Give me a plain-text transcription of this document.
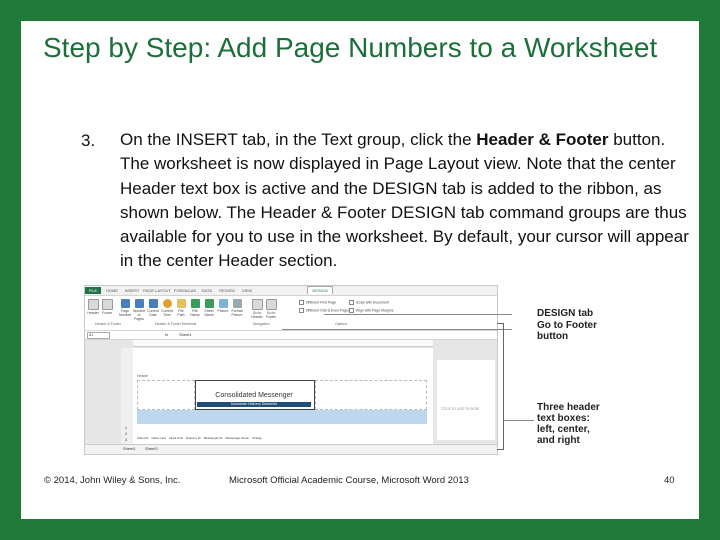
Step by Step: Add Page Numbers to a Worksheet
3. On the INSERT tab, in the Text group, click the Header & Footer button. The worksheet is now displayed in Page Layout view. Note that the center Header text box is active and the DESIGN tab is added to the ribbon, as shown below. The Header & Footer DESIGN tab command groups are thus available for you to use in the worksheet. By default, your cursor will appear in the center Header section.
FILE	HOME	INSERT PAGE LAYOUT FORMULAS	DATA	REVIEW	VIEW	DESIGN
Header Footer	Page Number
Number of Pages
Current Date
Current Time
File Path
File Name
Sheet Name
Picture Format Picture	Go to Header
Go to Footer
Different First Page
Different Odd & Even Pages
Scale with Document
Align with Page Margins
Header & Footer	Header & Footer Elements	Navigation	Options
A1	fx	Sheet1
1
2
3
Header
Consolidated Messenger
Downtown Delivery Deliveries
Client ID Client Last Client First Delivery ID Messenger ID Messenger Name Charge
Click to add header
Sheet1 Sheet2
DESIGN tab
Go to Footer button
Three header text boxes: left, center, and right
© 2014, John Wiley & Sons, Inc.	Microsoft Official Academic Course, Microsoft Word 2013	40
